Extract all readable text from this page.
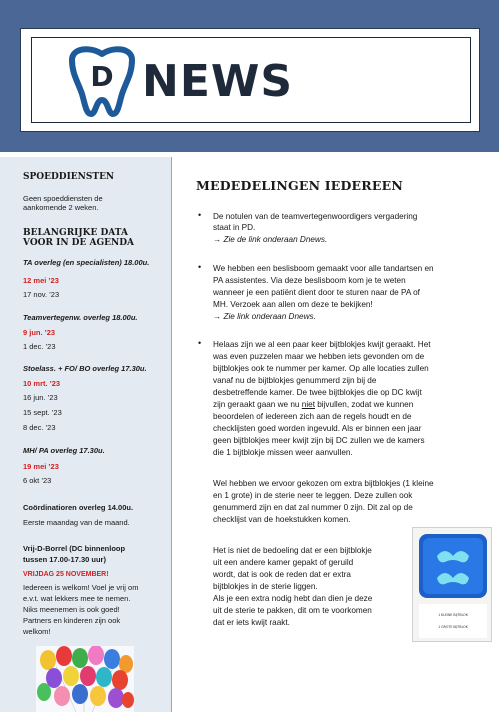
D NEWS
SPOEDDIENSTEN
Geen spoeddiensten de
aankomende 2 weken.
BELANGRIJKE DATA
VOOR IN DE AGENDA
TA overleg (en specialisten) 18.00u.
12 mei ’23
17 nov. ’23
Teamvertegenw. overleg 18.00u.
9 jun. ’23
1 dec. ’23
Stoelass. + FO/ BO overleg 17.30u.
10 mrt. ’23
16 jun. ’23
15 sept. ’23
8 dec. ’23
MH/ PA overleg 17.30u.
19 mei ’23
6 okt ’23
Coördinatioren overleg 14.00u.
Eerste maandag van de maand.
Vrij-D-Borrel (DC binnenloop
tussen 17.00-17.30 uur)
VRIJDAG 25 NOVEMBER!
Iedereen is welkom! Voel je vrij om
e.v.t. wat lekkers mee te nemen.
Niks meenemen is ook goed!
Partners en kinderen zijn ook
welkom!
MEDEDELINGEN IEDEREEN
• De notulen van de teamvertegenwoordigers vergadering
staat in PD.
→ Zie de link onderaan Dnews.
• We hebben een beslisboom gemaakt voor alle tandartsen en
PA assistentes. Via deze beslisboom kom je te weten
wanneer je een patiënt dient door te sturen naar de PA of
MH. Verzoek aan allen om deze te bekijken!
→ Zie link onderaan Dnews.
• Helaas zijn we al een paar keer bijtblokjes kwijt geraakt. Het
was even puzzelen maar we hebben iets gevonden om de
bijtblokjes ook te nummer per kamer. Op alle locaties zullen
vanaf nu de bijtblokjes genummerd zijn bij de
desbetreffende kamer. De twee bijtblokjes die op DC kwijt
zijn geraakt gaan we nu niet bijvullen, zodat we kunnen
beoordelen of iedereen zich aan de regels houdt en de
checklijsten goed worden ingevuld. Als er binnen een jaar
geen bijtblokjes meer kwijt zijn bij DC zullen we de kamers
die 1 bijtblokje missen weer aanvullen.
Wel hebben we ervoor gekozen om extra bijtblokjes (1 kleine
en 1 grote) in de sterie neer te leggen. Deze zullen ook
genummerd zijn en dat zal nummer 0 zijn. Dit zal op de
checklijst van de hoekstukken komen.
Het is niet de bedoeling dat er een bijtblokje
uit een andere kamer gepakt of geruild
wordt, dat is ook de reden dat er extra
bijtblokjes in de sterie liggen.
Als je een extra nodig hebt dan dien je deze
uit de sterie te pakken, dit om te voorkomen
dat er iets kwijt raakt.
1 KLEINE BIJTBLOK
1 GROTE BIJTBLOK
